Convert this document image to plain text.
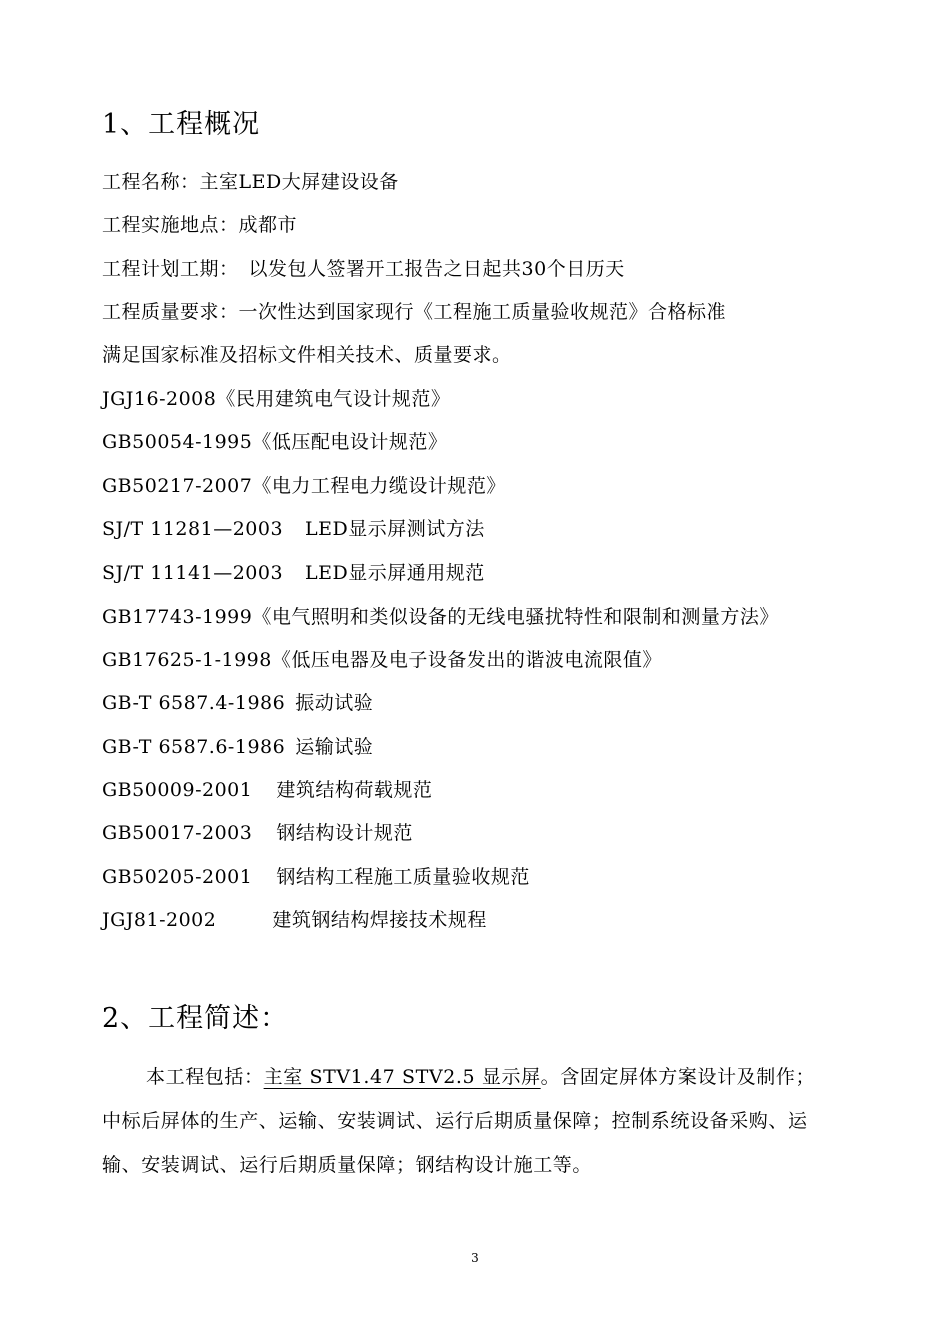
1、工程概况
工程名称：主室LED大屏建设设备
工程实施地点：成都市
工程计划工期： 以发包人签署开工报告之日起共30个日历天
工程质量要求：一次性达到国家现行《工程施工质量验收规范》合格标准
满足国家标准及招标文件相关技术、质量要求。
JGJ16-2008《民用建筑电气设计规范》
GB50054-1995《低压配电设计规范》
GB50217-2007《电力工程电力缆设计规范》
SJ/T 11281—2003 LED显示屏测试方法
SJ/T 11141—2003 LED显示屏通用规范
GB17743-1999《电气照明和类似设备的无线电骚扰特性和限制和测量方法》
GB17625-1-1998《低压电器及电子设备发出的谐波电流限值》
GB-T 6587.4-1986 振动试验
GB-T 6587.6-1986 运输试验
GB50009-2001 建筑结构荷载规范
GB50017-2003 钢结构设计规范
GB50205-2001 钢结构工程施工质量验收规范
JGJ81-2002	建筑钢结构焊接技术规程
2、工程简述：
本工程包括：主室 STV1.47 STV2.5 显示屏。含固定屏体方案设计及制作；中标后屏体的生产、运输、安装调试、运行后期质量保障；控制系统设备采购、运输、安装调试、运行后期质量保障；钢结构设计施工等。
3
